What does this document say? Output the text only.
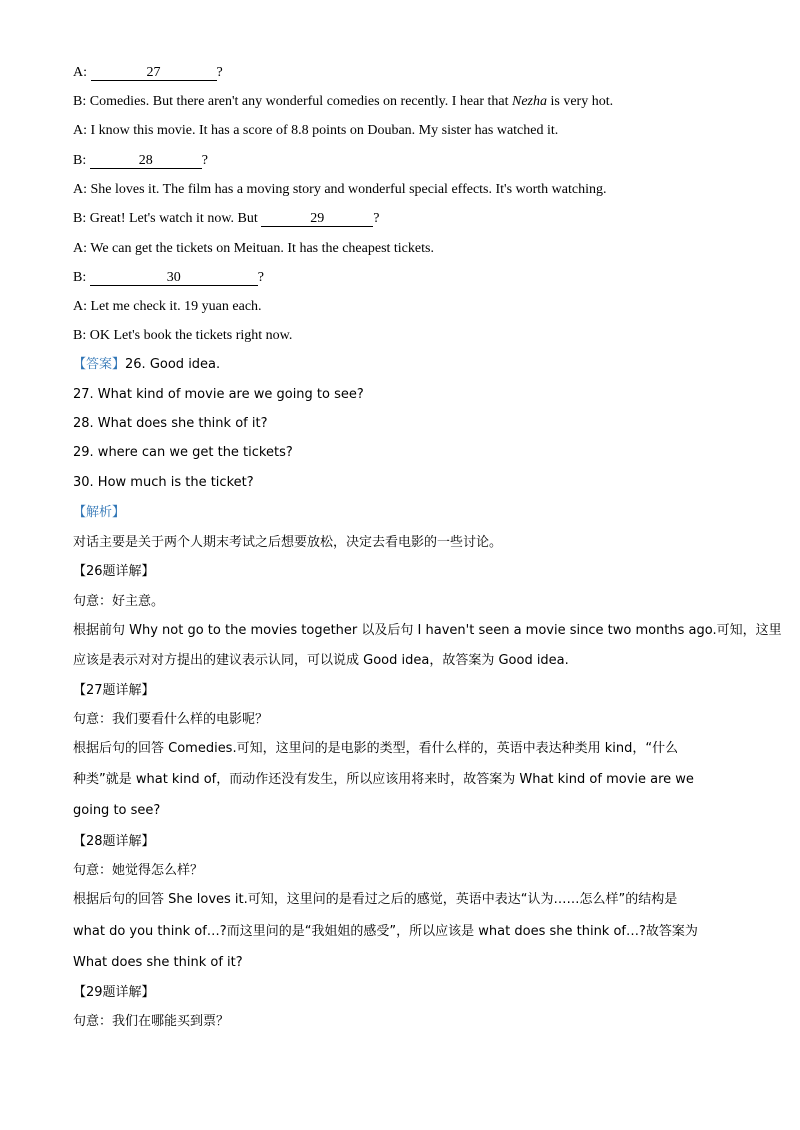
A:	27	?
B: Comedies. But there aren't any wonderful comedies on recently. I hear that Nezha is very hot.
A: I know this movie. It has a score of 8.8 points on Douban. My sister has watched it.
B:	28	?
A: She loves it. The film has a moving story and wonderful special effects. It's worth watching.
B: Great! Let's watch it now. But	29	?
A: We can get the tickets on Meituan. It has the cheapest tickets.
B:	30	?
A: Let me check it. 19 yuan each.
B: OK Let's book the tickets right now.
【答案】26. Good idea.
27. What kind of movie are we going to see?
28. What does she think of it?
29. where can we get the tickets?
30. How much is the ticket?
【解析】
对话主要是关于两个人期末考试之后想要放松，决定去看电影的一些讨论。
【26题详解】
句意：好主意。
根据前句 Why not go to the movies together 以及后句 I haven't seen a movie since two months ago.可知，这里
应该是表示对对方提出的建议表示认同，可以说成 Good idea，故答案为 Good idea.
【27题详解】
句意：我们要看什么样的电影呢？
根据后句的回答 Comedies.可知，这里问的是电影的类型，看什么样的，英语中表达种类用 kind，“什么
种类”就是 what kind of，而动作还没有发生，所以应该用将来时，故答案为 What kind of movie are we
going to see?
【28题详解】
句意：她觉得怎么样？
根据后句的回答 She loves it.可知，这里问的是看过之后的感觉，英语中表达“认为……怎么样”的结构是
what do you think of…?而这里问的是“我姐姐的感受”，所以应该是 what does she think of…?故答案为
What does she think of it?
【29题详解】
句意：我们在哪能买到票？
